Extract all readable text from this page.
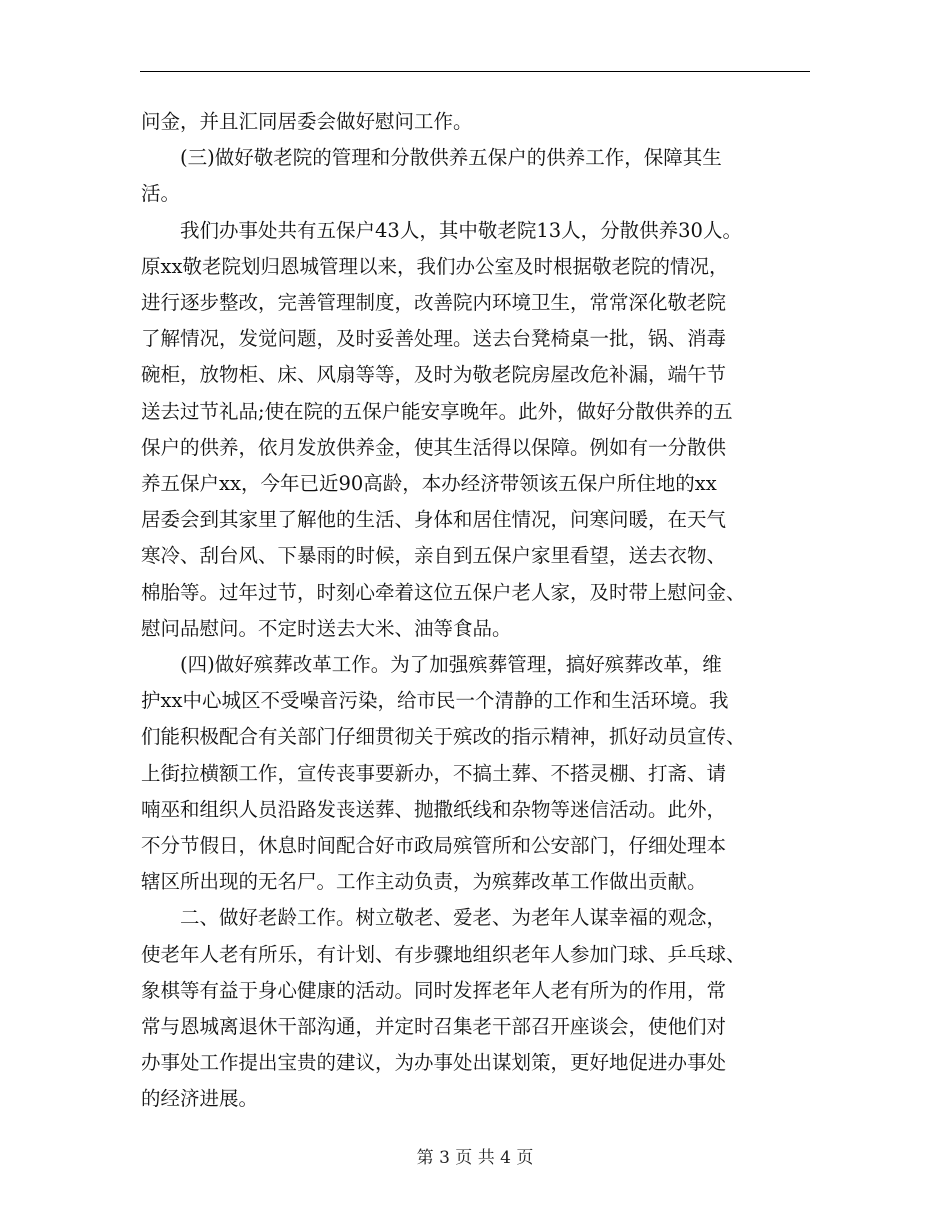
问金，并且汇同居委会做好慰问工作。

(三)做好敬老院的管理和分散供养五保户的供养工作，保障其生
活。

我们办事处共有五保户43人，其中敬老院13人，分散供养30人。
原xx敬老院划归恩城管理以来，我们办公室及时根据敬老院的情况，
进行逐步整改，完善管理制度，改善院内环境卫生，常常深化敬老院
了解情况，发觉问题，及时妥善处理。送去台凳椅桌一批，锅、消毒
碗柜，放物柜、床、风扇等等，及时为敬老院房屋改危补漏，端午节
送去过节礼品;使在院的五保户能安享晚年。此外，做好分散供养的五
保户的供养，依月发放供养金，使其生活得以保障。例如有一分散供
养五保户xx，今年已近90高龄，本办经济带领该五保户所住地的xx
居委会到其家里了解他的生活、身体和居住情况，问寒问暖，在天气
寒冷、刮台风、下暴雨的时候，亲自到五保户家里看望，送去衣物、
棉胎等。过年过节，时刻心牵着这位五保户老人家，及时带上慰问金、
慰问品慰问。不定时送去大米、油等食品。

(四)做好殡葬改革工作。为了加强殡葬管理，搞好殡葬改革，维
护xx中心城区不受噪音污染，给市民一个清静的工作和生活环境。我
们能积极配合有关部门仔细贯彻关于殡改的指示精神，抓好动员宣传、
上街拉横额工作，宣传丧事要新办，不搞土葬、不搭灵棚、打斋、请
喃巫和组织人员沿路发丧送葬、抛撒纸线和杂物等迷信活动。此外，
不分节假日，休息时间配合好市政局殡管所和公安部门，仔细处理本
辖区所出现的无名尸。工作主动负责，为殡葬改革工作做出贡献。

二、做好老龄工作。树立敬老、爱老、为老年人谋幸福的观念，
使老年人老有所乐，有计划、有步骤地组织老年人参加门球、乒乓球、
象棋等有益于身心健康的活动。同时发挥老年人老有所为的作用，常
常与恩城离退休干部沟通，并定时召集老干部召开座谈会，使他们对
办事处工作提出宝贵的建议，为办事处出谋划策，更好地促进办事处
的经济进展。

第 3 页 共 4 页
